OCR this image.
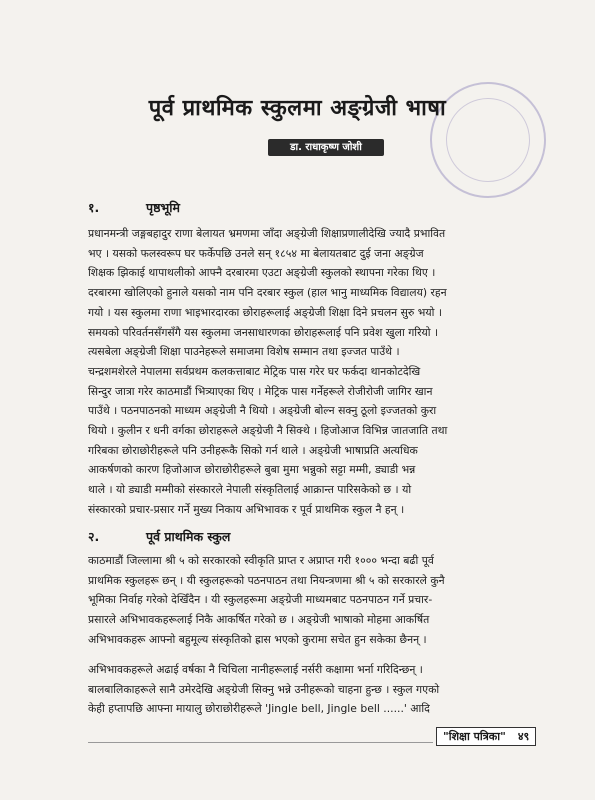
पूर्व प्राथमिक स्कुलमा अङ्ग्रेजी भाषा
डा. राधाकृष्ण जोशी
१.	पृष्ठभूमि
प्रधानमन्त्री जङ्गबहादुर राणा बेलायत भ्रमणमा जाँदा अङ्ग्रेजी शिक्षाप्रणालीदेखि ज्यादै प्रभावित
भए । यसको फलस्वरूप घर फर्केपछि उनले सन् १८५४ मा बेलायतबाट दुई जना अङ्ग्रेज
शिक्षक झिकाई थापाथलीको आफ्नै दरबारमा एउटा अङ्ग्रेजी स्कुलको स्थापना गरेका थिए ।
दरबारमा खोलिएको हुनाले यसको नाम पनि दरबार स्कुल (हाल भानु माध्यमिक विद्यालय) रहन
गयो । यस स्कुलमा राणा भाइभारदारका छोराहरूलाई अङ्ग्रेजी शिक्षा दिने प्रचलन सुरु भयो ।
समयको परिवर्तनसँगसँगै यस स्कुलमा जनसाधारणका छोराहरूलाई पनि प्रवेश खुला गरियो ।
त्यसबेला अङ्ग्रेजी शिक्षा पाउनेहरूले समाजमा विशेष सम्मान तथा इज्जत पाउँथे ।
चन्द्रशमशेरले नेपालमा सर्वप्रथम कलकत्ताबाट मेट्रिक पास गरेर घर फर्कदा थानकोटदेखि
सिन्दुर जात्रा गरेर काठमाडौं भित्र्याएका थिए । मेट्रिक पास गर्नेहरूले रोजीरोजी जागिर खान
पाउँथे । पठनपाठनको माध्यम अङ्ग्रेजी नै थियो । अङ्ग्रेजी बोल्न सक्नु ठूलो इज्जतको कुरा
थियो । कुलीन र धनी वर्गका छोराहरूले अङ्ग्रेजी नै सिक्थे । हिजोआज विभिन्न जातजाति तथा
गरिबका छोराछोरीहरूले पनि उनीहरूकै सिको गर्न थाले । अङ्ग्रेजी भाषाप्रति अत्यधिक
आकर्षणको कारण हिजोआज छोराछोरीहरूले बुबा मुमा भन्नुको सट्टा मम्मी, ड्याडी भन्न
थाले । यो ड्याडी मम्मीको संस्कारले नेपाली संस्कृतिलाई आक्रान्त पारिसकेको छ । यो
संस्कारको प्रचार-प्रसार गर्ने मुख्य निकाय अभिभावक र पूर्व प्राथमिक स्कुल नै हन् ।
२.	पूर्व प्राथमिक स्कुल
काठमाडौं जिल्लामा श्री ५ को सरकारको स्वीकृति प्राप्त र अप्राप्त गरी १००० भन्दा बढी पूर्व
प्राथमिक स्कुलहरू छन् । यी स्कुलहरूको पठनपाठन तथा नियन्त्रणमा श्री ५ को सरकारले कुनै
भूमिका निर्वाह गरेको देखिँदैन । यी स्कुलहरूमा अङ्ग्रेजी माध्यमबाट पठनपाठन गर्ने प्रचार-
प्रसारले अभिभावकहरूलाई निकै आकर्षित गरेको छ । अङ्ग्रेजी भाषाको मोहमा आकर्षित
अभिभावकहरू आफ्नो बहुमूल्य संस्कृतिको ह्रास भएको कुरामा सचेत हुन सकेका छैनन् ।
अभिभावकहरूले अढाई वर्षका नै चिचिला नानीहरूलाई नर्सरी कक्षामा भर्ना गरिदिन्छन् ।
बालबालिकाहरूले सानै उमेरदेखि अङ्ग्रेजी सिक्नु भन्ने उनीहरूको चाहना हुन्छ । स्कुल गएको
केही हप्तापछि आफ्ना मायालु छोराछोरीहरूले 'Jingle bell, Jingle bell ......' आदि
"शिक्षा पत्रिका" ४९
